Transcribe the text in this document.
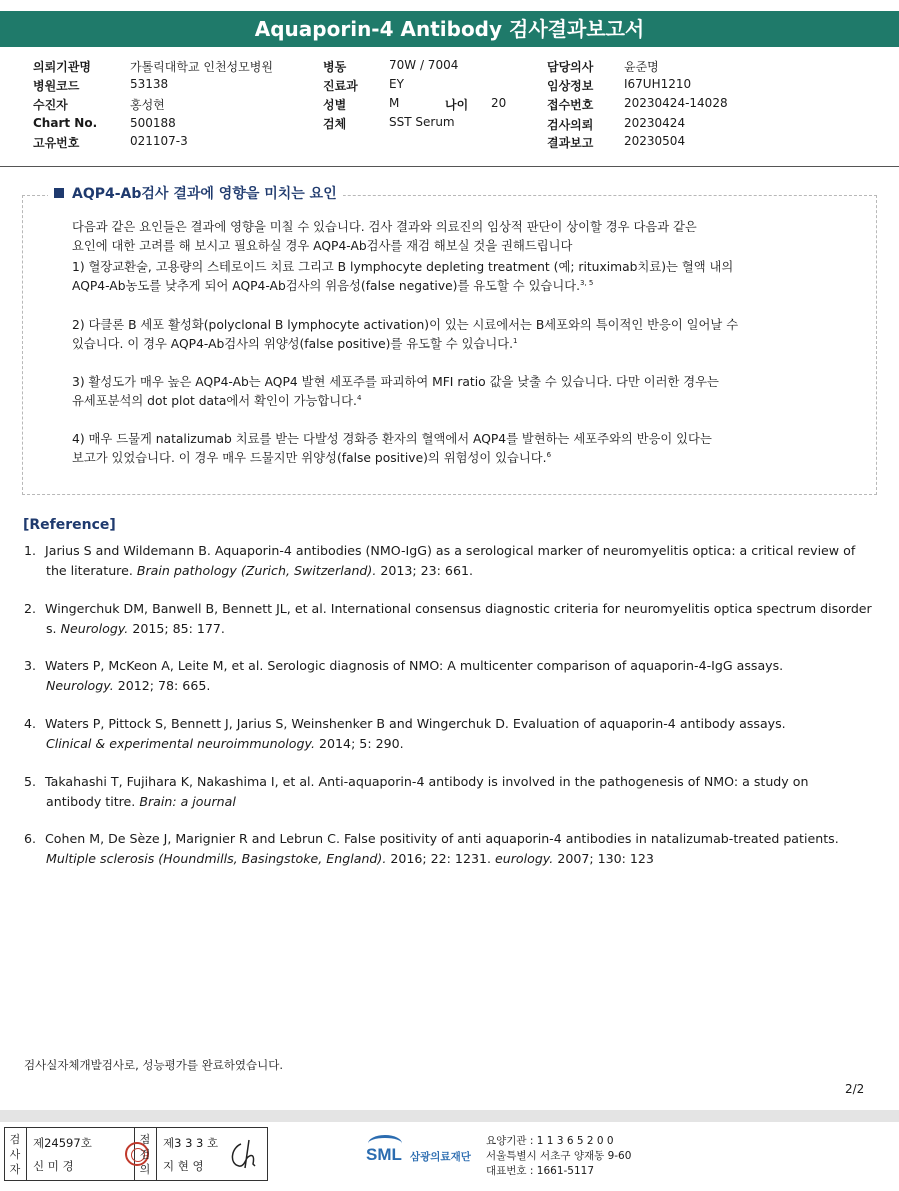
Aquaporin-4 Antibody 검사결과보고서
의뢰기관명	가톨릭대학교 인천성모병원
병원코드	53138
수진자	홍성현
Chart No.	500188
고유번호	021107-3
병동	70W / 7004
진료과	EY
성별	M	나이 20
검체	SST Serum
담당의사	윤준명
임상정보	I67UH1210
접수번호	20230424-14028
검사의뢰	20230424
결과보고	20230504
AQP4-Ab검사 결과에 영향을 미치는 요인

다음과 같은 요인들은 결과에 영향을 미칠 수 있습니다. 검사 결과와 의료진의 임상적 판단이 상이할 경우 다음과 같은

요인에 대한 고려를 해 보시고 필요하실 경우 AQP4-Ab검사를 재검 해보실 것을 권해드립니다

1) 혈장교환술, 고용량의 스테로이드 치료 그리고 B lymphocyte depleting treatment (예; rituximab치료)는 혈액 내의

AQP4-Ab농도를 낮추게 되어 AQP4-Ab검사의 위음성(false negative)를 유도할 수 있습니다.$^{3, 5}$

2) 다클론 B 세포 활성화(polyclonal B lymphocyte activation)이 있는 시료에서는 B세포와의 특이적인 반응이 일어날 수

있습니다. 이 경우 AQP4-Ab검사의 위양성(false positive)를 유도할 수 있습니다.$^1$

3) 활성도가 매우 높은 AQP4-Ab는 AQP4 발현 세포주를 파괴하여 MFI ratio 값을 낮출 수 있습니다. 다만 이러한 경우는

유세포분석의 dot plot data에서 확인이 가능합니다.$^4$

4) 매우 드물게 natalizumab 치료를 받는 다발성 경화증 환자의 혈액에서 AQP4를 발현하는 세포주와의 반응이 있다는

보고가 있었습니다. 이 경우 매우 드물지만 위양성(false positive)의 위험성이 있습니다.$^6$

[Reference]
1. Jarius S and Wildemann B. Aquaporin-4 antibodies (NMO-IgG) as a serological marker of neuromyelitis optica: a critical review of
the literature. Brain pathology (Zurich, Switzerland). 2013; 23: 661.
2. Wingerchuk DM, Banwell B, Bennett JL, et al. International consensus diagnostic criteria for neuromyelitis optica spectrum disorder
s. Neurology. 2015; 85: 177.
3. Waters P, McKeon A, Leite M, et al. Serologic diagnosis of NMO: A multicenter comparison of aquaporin-4-IgG assays.
Neurology. 2012; 78: 665.
4. Waters P, Pittock S, Bennett J, Jarius S, Weinshenker B and Wingerchuk D. Evaluation of aquaporin-4 antibody assays.
Clinical & experimental neuroimmunology. 2014; 5: 290.
5. Takahashi T, Fujihara K, Nakashima I, et al. Anti-aquaporin-4 antibody is involved in the pathogenesis of NMO: a study on
antibody titre. Brain: a journal
6. Cohen M, De Sèze J, Marignier R and Lebrun C. False positivity of anti aquaporin-4 antibodies in natalizumab-treated patients.
Multiple sclerosis (Houndmills, Basingstoke, England). 2016; 22: 1231. eurology. 2007; 130: 123
검사실자체개발검사로, 성능평가를 완료하였습니다.
2/2
검사자
제24597호
신 미 경
점검의
제3 3 3 호
지 현 영
SML 삼광의료재단
요양기관 : 1 1 3 6 5 2 0 0
서울특별시 서초구 양재동 9-60
대표번호 : 1661-5117
